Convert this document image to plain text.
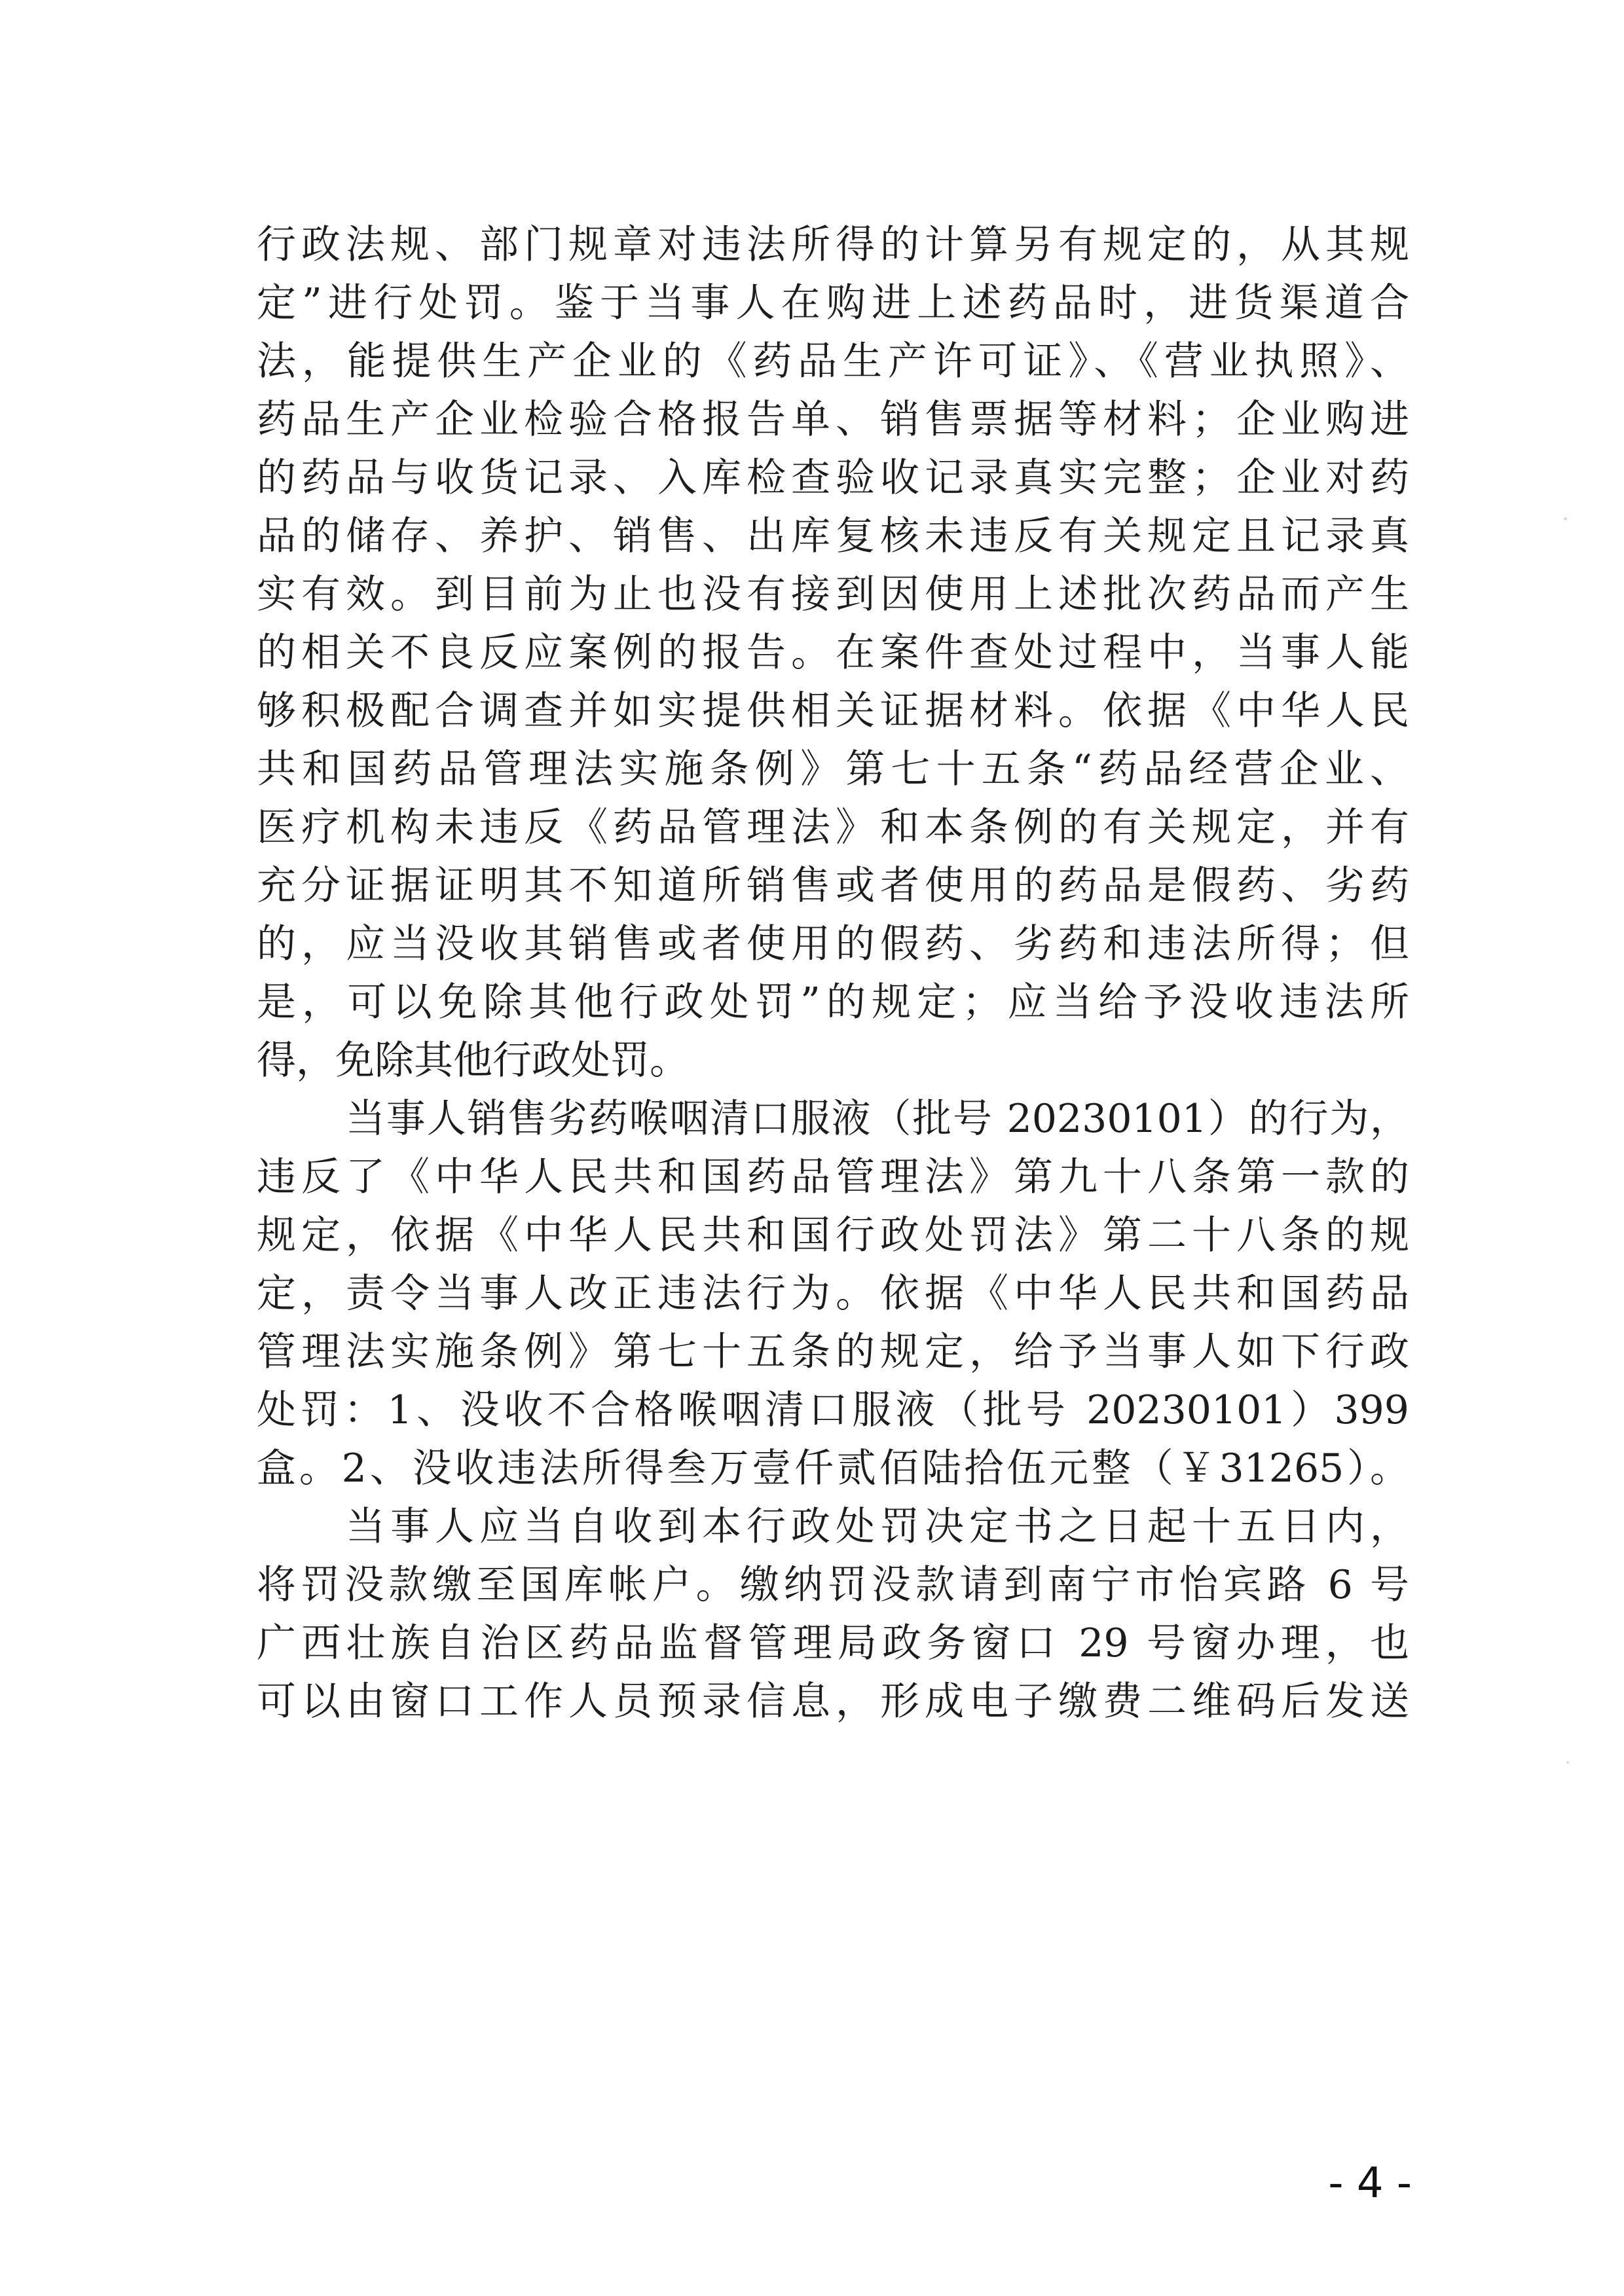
行政法规、部门规章对违法所得的计算另有规定的，从其规
定”进行处罚。鉴于当事人在购进上述药品时，进货渠道合
法，能提供生产企业的《药品生产许可证》、《营业执照》、
药品生产企业检验合格报告单、销售票据等材料；企业购进
的药品与收货记录、入库检查验收记录真实完整；企业对药
品的储存、养护、销售、出库复核未违反有关规定且记录真
实有效。到目前为止也没有接到因使用上述批次药品而产生
的相关不良反应案例的报告。在案件查处过程中，当事人能
够积极配合调查并如实提供相关证据材料。依据《中华人民
共和国药品管理法实施条例》第七十五条“药品经营企业、
医疗机构未违反《药品管理法》和本条例的有关规定，并有
充分证据证明其不知道所销售或者使用的药品是假药、劣药
的，应当没收其销售或者使用的假药、劣药和违法所得；但
是，可以免除其他行政处罚”的规定；应当给予没收违法所
得，免除其他行政处罚。
当事人销售劣药喉咽清口服液（批号 20230101）的行为，
违反了《中华人民共和国药品管理法》第九十八条第一款的
规定，依据《中华人民共和国行政处罚法》第二十八条的规
定，责令当事人改正违法行为。依据《中华人民共和国药品
管理法实施条例》第七十五条的规定，给予当事人如下行政
处罚：1、没收不合格喉咽清口服液（批号 20230101）399
盒。2、没收违法所得叁万壹仟贰佰陆拾伍元整（￥31265）。
当事人应当自收到本行政处罚决定书之日起十五日内，
将罚没款缴至国库帐户。缴纳罚没款请到南宁市怡宾路 6 号
广西壮族自治区药品监督管理局政务窗口 29 号窗办理，也
可以由窗口工作人员预录信息，形成电子缴费二维码后发送
- 4 -
